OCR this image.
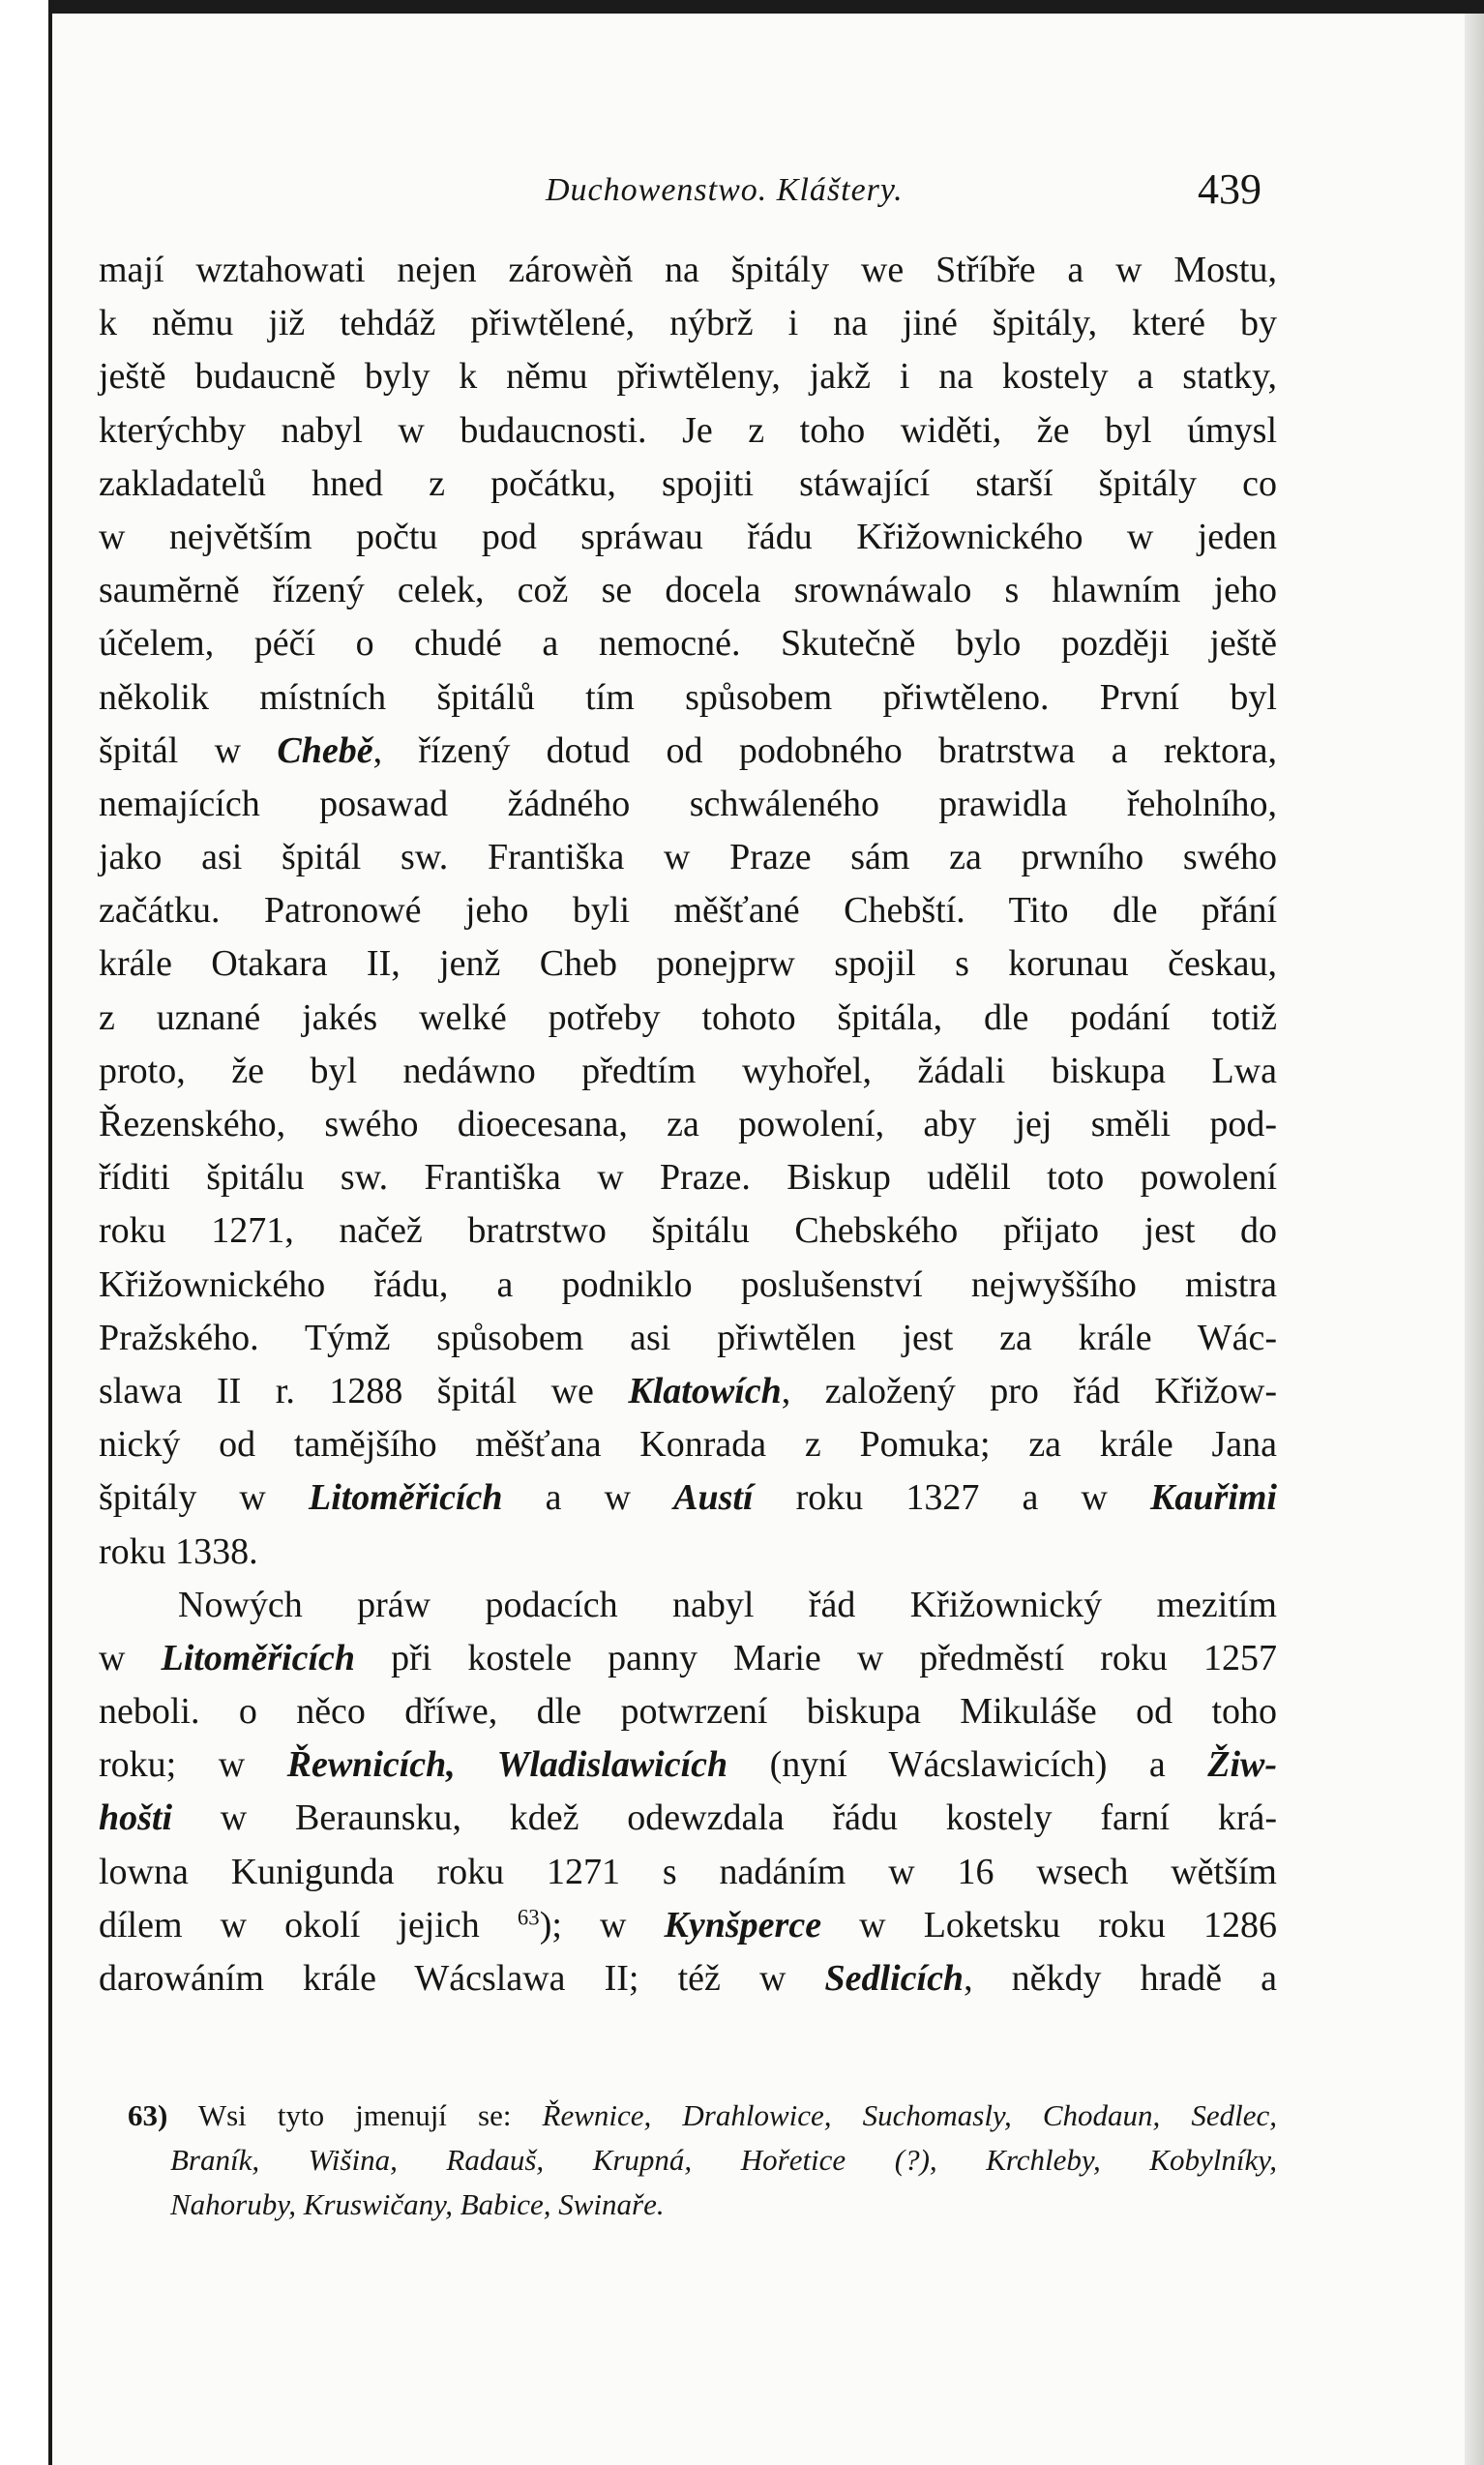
Duchowenstwo. Kláštery.	439
mají wztahowati nejen zárowèň na špitály we Stříbře a w Mostu,
k němu již tehdáž přiwtělené, nýbrž i na jiné špitály, které by
ještě budaucně byly k němu přiwtěleny, jakž i na kostely a statky,
kterýchby nabyl w budaucnosti. Je z toho widěti, že byl úmysl
zakladatelů hned z počátku, spojiti stáwající starší špitály co
w největším počtu pod spráwau řádu Křižownického w jeden
saumĕrně řízený celek, což se docela srownáwalo s hlawním jeho
účelem, péčí o chudé a nemocné. Skutečně bylo později ještě
několik místních špitálů tím spůsobem přiwtěleno. První byl
špitál w Chebě, řízený dotud od podobného bratrstwa a rektora,
nemajících posawad žádného schwáleného prawidla řeholního,
jako asi špitál sw. Františka w Praze sám za prwního swého
začátku. Patronowé jeho byli měšťané Chebští. Tito dle přání
krále Otakara II, jenž Cheb ponejprw spojil s korunau českau,
z uznané jakés welké potřeby tohoto špitála, dle podání totiž
proto, že byl nedáwno předtím wyhořel, žádali biskupa Lwa
Řezenského, swého dioecesana, za powolení, aby jej směli pod-
říditi špitálu sw. Františka w Praze. Biskup udělil toto powolení
roku 1271, načež bratrstwo špitálu Chebského přijato jest do
Křižownického řádu, a podniklo poslušenství nejwyššího mistra
Pražského. Týmž spůsobem asi přiwtělen jest za krále Wác-
slawa II r. 1288 špitál we Klatowích, založený pro řád Křižow-
nický od tamějšího měšťana Konrada z Pomuka; za krále Jana
špitály w Litoměřicích a w Austí roku 1327 a w Kauřimi
roku 1338.
Nowých práw podacích nabyl řád Křižownický mezitím
w Litoměřicích při kostele panny Marie w předměstí roku 1257
neboli. o něco dříwe, dle potwrzení biskupa Mikuláše od toho
roku; w Řewnicích, Wladislawicích (nyní Wácslawicích) a Žiw-
hošti w Beraunsku, kdež odewzdala řádu kostely farní krá-
lowna Kunigunda roku 1271 s nadáním w 16 wsech wětším
dílem w okolí jejich $^{63}$); w Kynšperce w Loketsku roku 1286
darowáním krále Wácslawa II; též w Sedlicích, někdy hradě a
63) Wsi tyto jmenují se: Řewnice, Drahlowice, Suchomasly, Chodaun, Sedlec,
Braník, Wišina, Radauš, Krupná, Hořetice (?), Krchleby, Kobylníky,
Nahoruby, Kruswičany, Babice, Swinaře.
